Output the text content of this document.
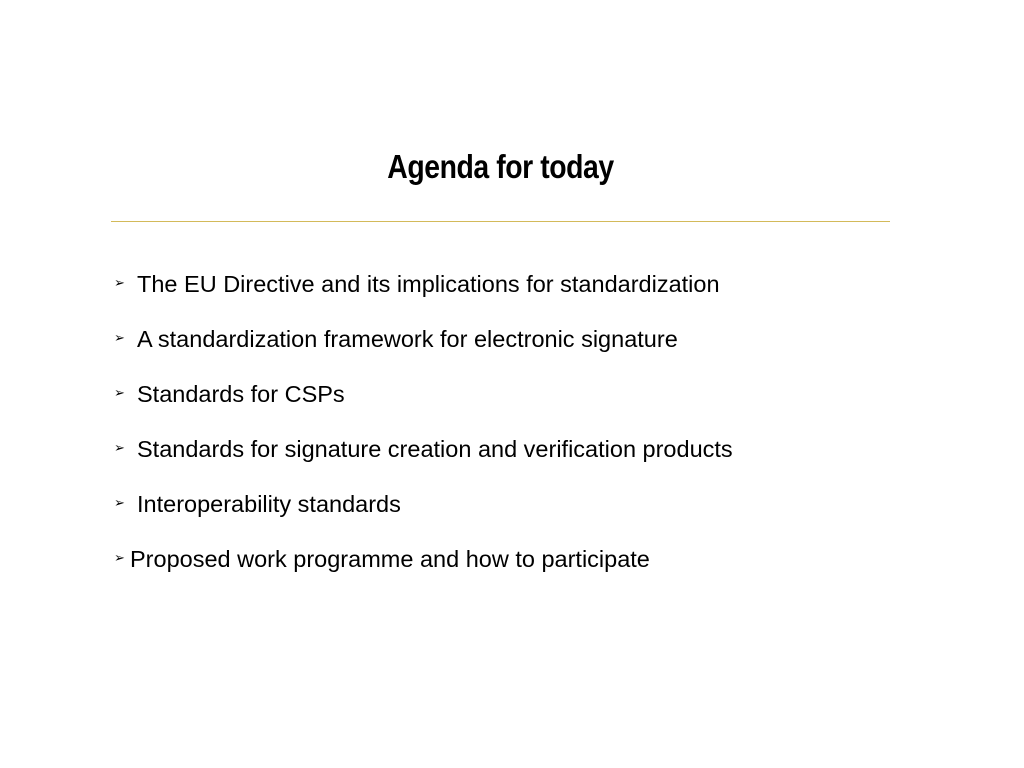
Agenda for today
➢ The EU Directive and its implications for standardization
➢ A standardization framework for electronic signature
➢ Standards for CSPs
➢ Standards for signature creation and verification products
➢ Interoperability standards
➢ Proposed work programme and how to participate
